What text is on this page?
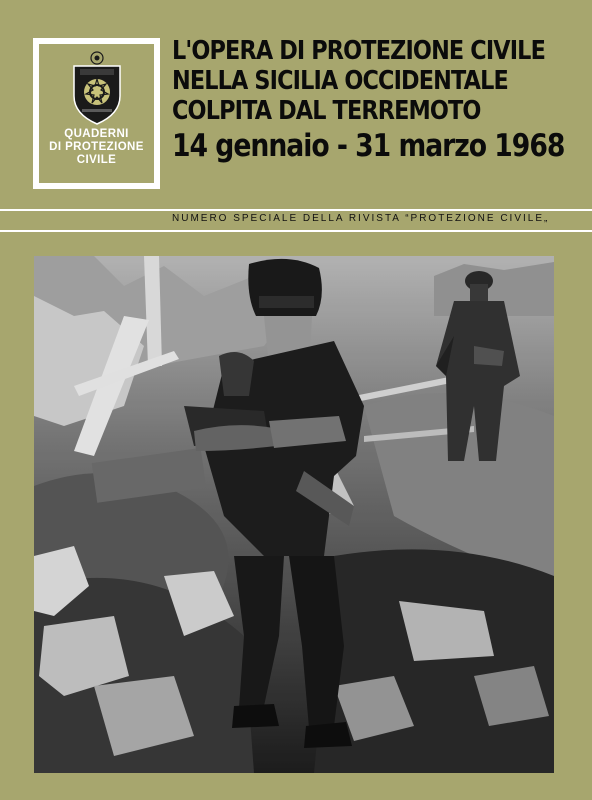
QUADERNI
DI PROTEZIONE
CIVILE
L'OPERA DI PROTEZIONE CIVILE
NELLA SICILIA OCCIDENTALE
COLPITA DAL TERREMOTO
14 gennaio - 31 marzo 1968
NUMERO SPECIALE DELLA RIVISTA “PROTEZIONE CIVILE„
